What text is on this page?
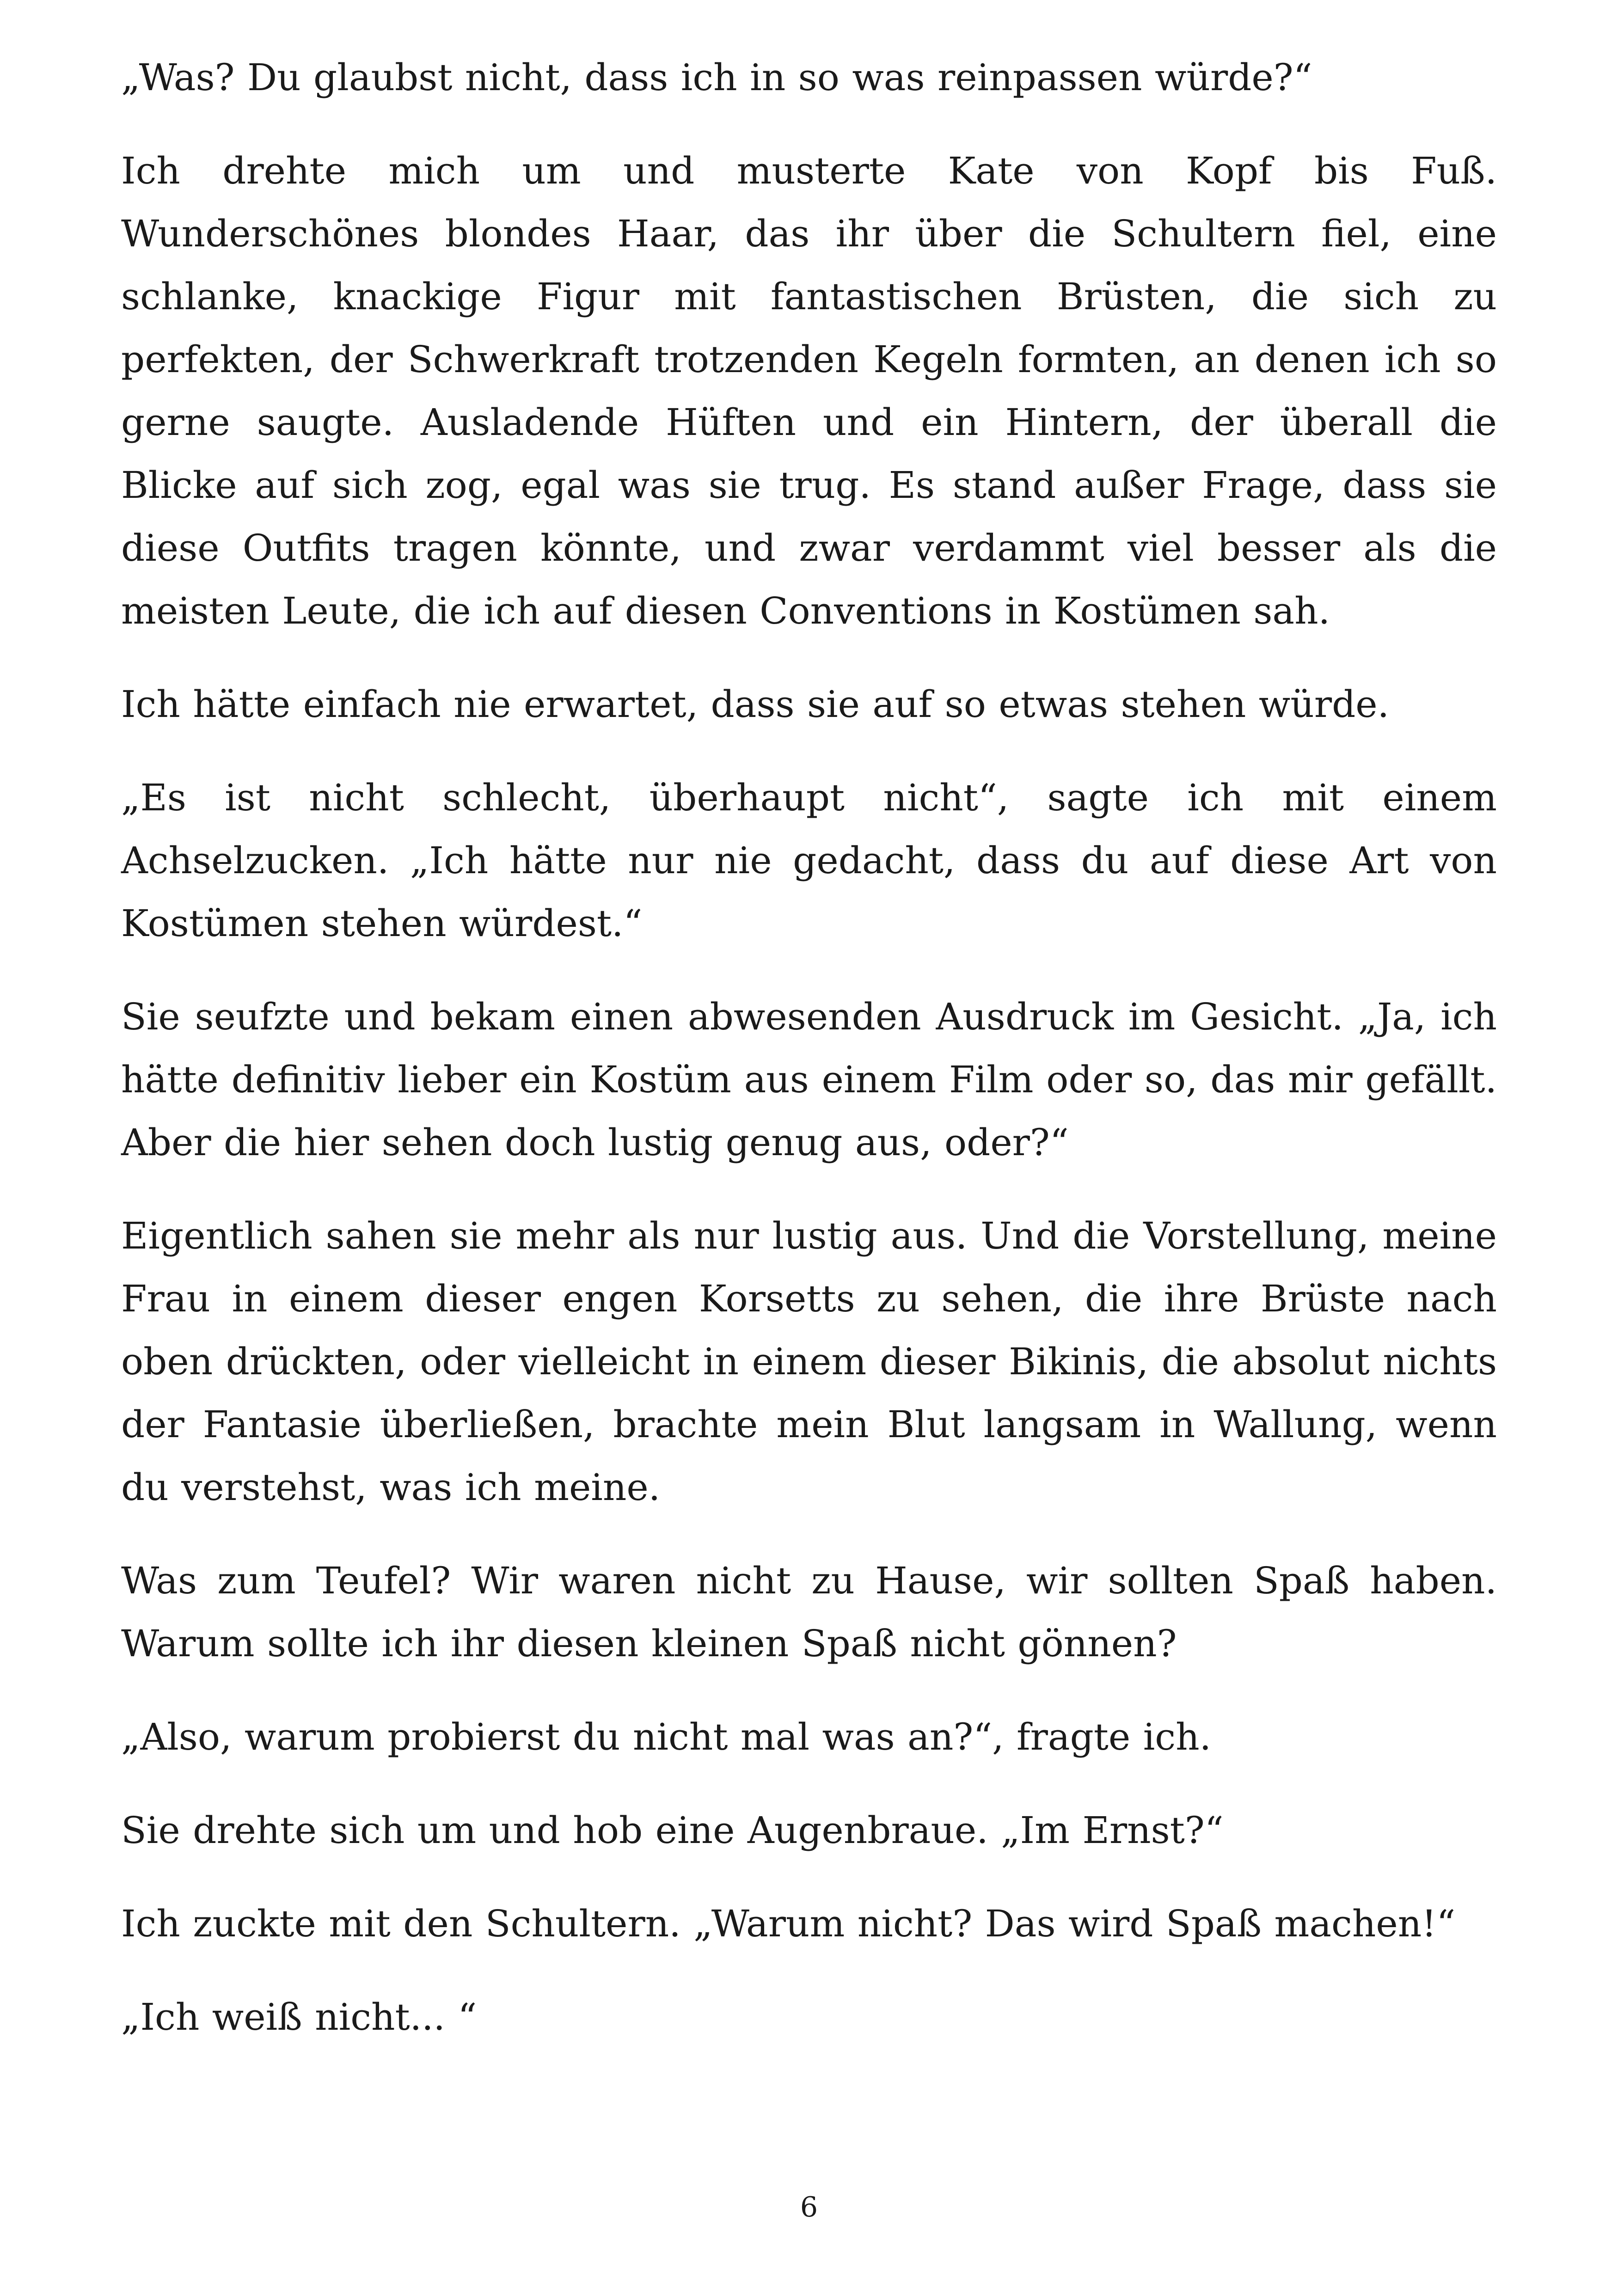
„Was? Du glaubst nicht, dass ich in so was reinpassen würde?“

Ich drehte mich um und musterte Kate von Kopf bis Fuß. Wunderschönes blondes Haar, das ihr über die Schultern fiel, eine schlanke, knackige Figur mit fantastischen Brüsten, die sich zu perfekten, der Schwerkraft trotzenden Kegeln formten, an denen ich so gerne saugte. Ausladende Hüften und ein Hintern, der überall die Blicke auf sich zog, egal was sie trug. Es stand außer Frage, dass sie diese Outfits tragen könnte, und zwar verdammt viel besser als die meisten Leute, die ich auf diesen Conventions in Kostümen sah.

Ich hätte einfach nie erwartet, dass sie auf so etwas stehen würde.

„Es ist nicht schlecht, überhaupt nicht“, sagte ich mit einem Achselzucken. „Ich hätte nur nie gedacht, dass du auf diese Art von Kostümen stehen würdest.“

Sie seufzte und bekam einen abwesenden Ausdruck im Gesicht. „Ja, ich hätte definitiv lieber ein Kostüm aus einem Film oder so, das mir gefällt. Aber die hier sehen doch lustig genug aus, oder?“

Eigentlich sahen sie mehr als nur lustig aus. Und die Vorstellung, meine Frau in einem dieser engen Korsetts zu sehen, die ihre Brüste nach oben drückten, oder vielleicht in einem dieser Bikinis, die absolut nichts der Fantasie überließen, brachte mein Blut langsam in Wallung, wenn du verstehst, was ich meine.

Was zum Teufel? Wir waren nicht zu Hause, wir sollten Spaß haben. Warum sollte ich ihr diesen kleinen Spaß nicht gönnen?

„Also, warum probierst du nicht mal was an?“, fragte ich.

Sie drehte sich um und hob eine Augenbraue. „Im Ernst?“

Ich zuckte mit den Schultern. „Warum nicht? Das wird Spaß machen!“

„Ich weiß nicht... “

6
